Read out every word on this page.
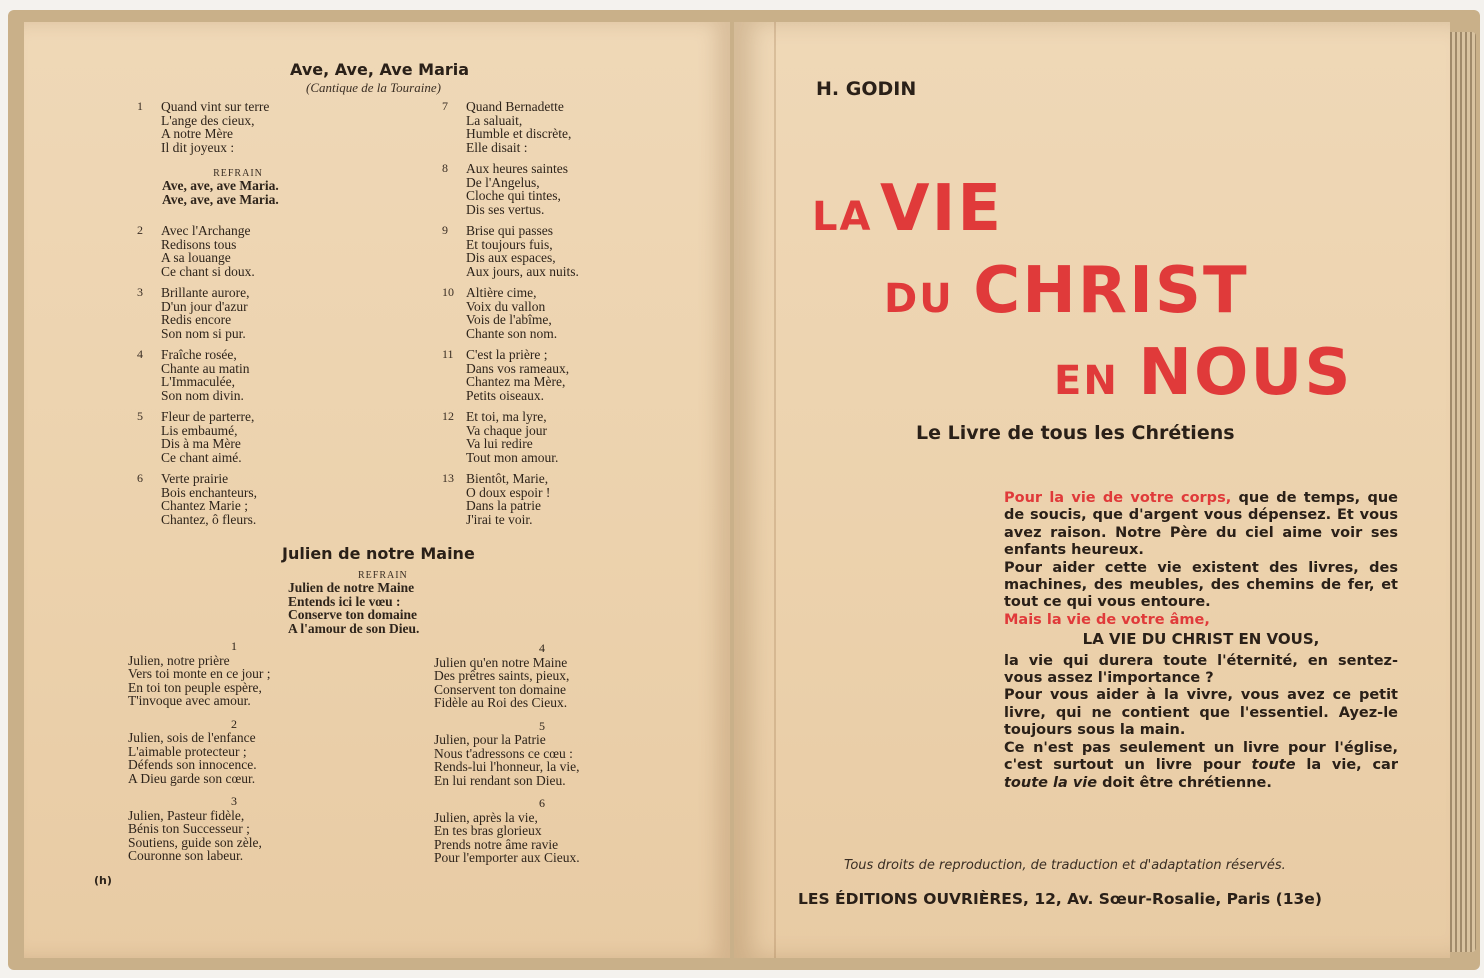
Ave, Ave, Ave Maria
(Cantique de la Touraine)
1	Quand vint sur terre
L'ange des cieux,
A notre Mère
Il dit joyeux :
2	Avec l'Archange
Redisons tous
A sa louange
Ce chant si doux.
3	Brillante aurore,
D'un jour d'azur
Redis encore
Son nom si pur.
4	Fraîche rosée,
Chante au matin
L'Immaculée,
Son nom divin.
5	Fleur de parterre,
Lis embaumé,
Dis à ma Mère
Ce chant aimé.
6	Verte prairie
Bois enchanteurs,
Chantez Marie ;
Chantez, ô fleurs.
7	Quand Bernadette
La saluait,
Humble et discrète,
Elle disait :
8	Aux heures saintes
De l'Angelus,
Cloche qui tintes,
Dis ses vertus.
9	Brise qui passes
Et toujours fuis,
Dis aux espaces,
Aux jours, aux nuits.
10 Altière cime,
Voix du vallon
Vois de l'abîme,
Chante son nom.
11 C'est la prière ;
Dans vos rameaux,
Chantez ma Mère,
Petits oiseaux.
12 Et toi, ma lyre,
Va chaque jour
Va lui redire
Tout mon amour.
13 Bientôt, Marie,
O doux espoir !
Dans la patrie
J'irai te voir.
REFRAIN
Ave, ave, ave Maria.
Ave, ave, ave Maria.
Julien de notre Maine
REFRAIN
Julien de notre Maine
Entends ici le vœu :
Conserve ton domaine
A l'amour de son Dieu.
1
Julien, notre prière
Vers toi monte en ce jour ;
En toi ton peuple espère,
T'invoque avec amour.
2
Julien, sois de l'enfance
L'aimable protecteur ;
Défends son innocence.
A Dieu garde son cœur.
3
Julien, Pasteur fidèle,
Bénis ton Successeur ;
Soutiens, guide son zèle,
Couronne son labeur.
4
Julien qu'en notre Maine
Des prêtres saints, pieux,
Conservent ton domaine
Fidèle au Roi des Cieux.
5
Julien, pour la Patrie
Nous t'adressons ce cœu :
Rends-lui l'honneur, la vie,
En lui rendant son Dieu.
6
Julien, après la vie,
En tes bras glorieux
Prends notre âme ravie
Pour l'emporter aux Cieux.
(h)
H. GODIN
LA VIE
DU CHRIST
EN NOUS
Le Livre de tous les Chrétiens
Pour la vie de votre corps, que de temps, que de soucis, que d'argent vous dépensez. Et vous avez raison. Notre Père du ciel aime voir ses enfants heureux.
Pour aider cette vie existent des livres, des machines, des meubles, des chemins de fer, et tout ce qui vous entoure.
Mais la vie de votre âme,
LA VIE DU CHRIST EN VOUS,
la vie qui durera toute l'éternité, en sentez-vous assez l'importance ?
Pour vous aider à la vivre, vous avez ce petit livre, qui ne contient que l'essentiel. Ayez-le toujours sous la main.
Ce n'est pas seulement un livre pour l'église, c'est surtout un livre pour toute la vie, car toute la vie doit être chrétienne.
Tous droits de reproduction, de traduction et d'adaptation réservés.
LES ÉDITIONS OUVRIÈRES, 12, Av. Sœur-Rosalie, Paris (13e)
